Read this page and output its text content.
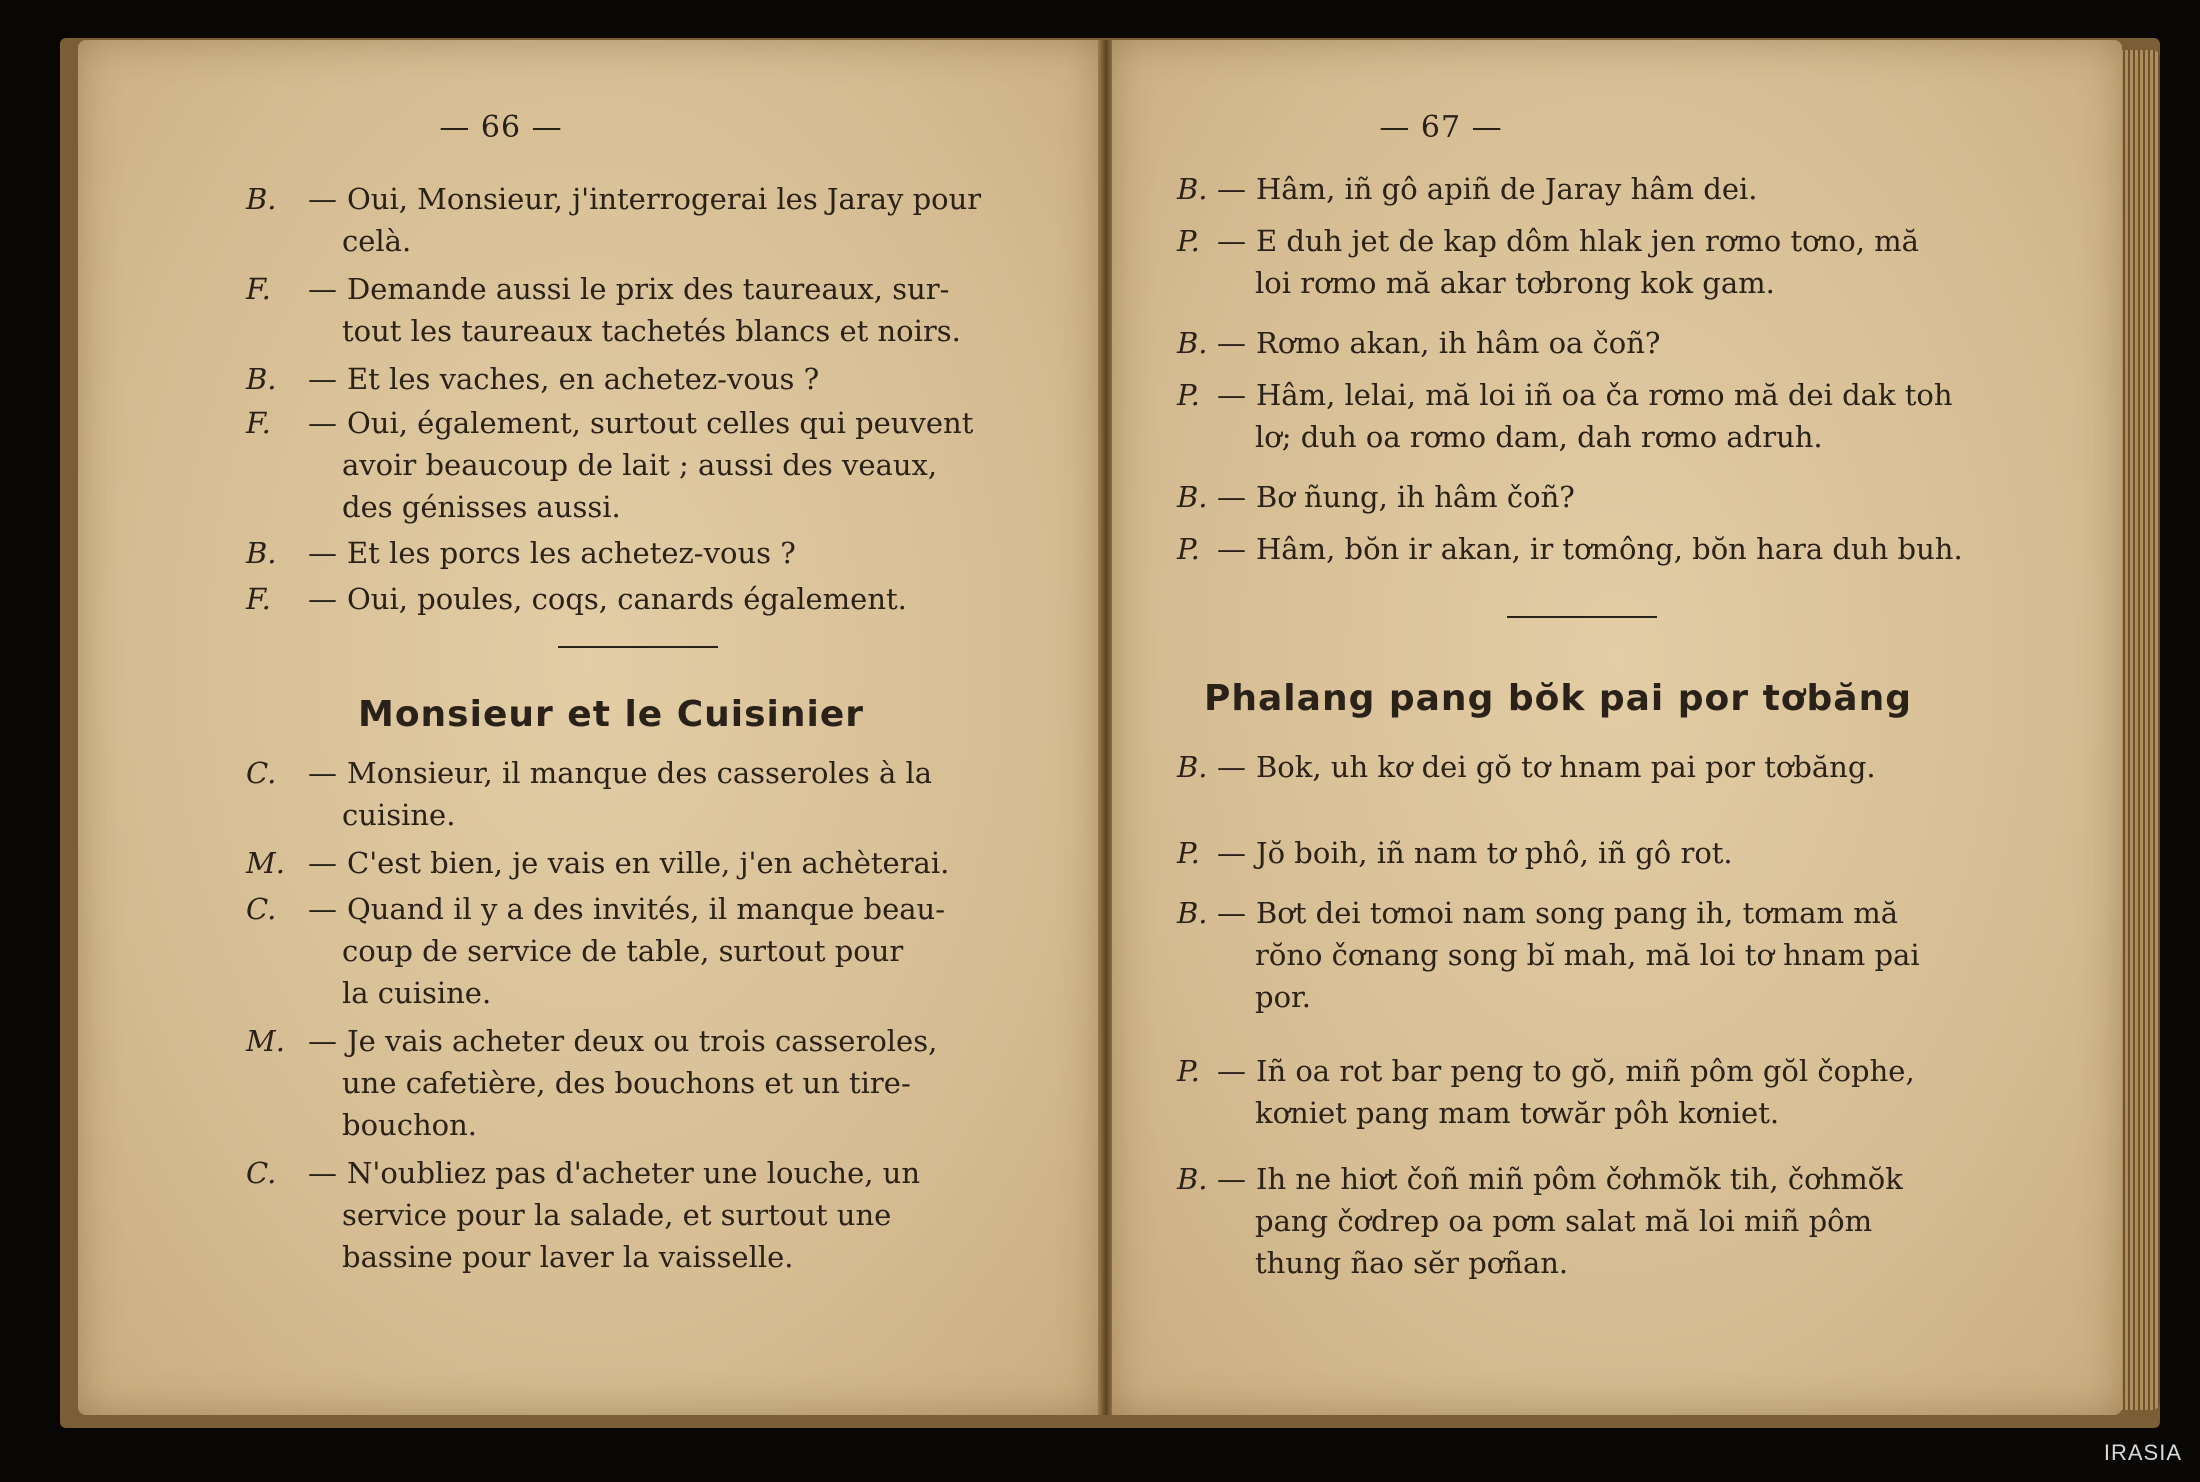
— 66 —
B. — Oui, Monsieur, j'interrogerai les Jaray pour
celà.
F. — Demande aussi le prix des taureaux, sur-
tout les taureaux tachetés blancs et noirs.
B. — Et les vaches, en achetez-vous ?
F. — Oui, également, surtout celles qui peuvent
avoir beaucoup de lait ; aussi des veaux,
des génisses aussi.
B. — Et les porcs les achetez-vous ?
F. — Oui, poules, coqs, canards également.
Monsieur et le Cuisinier
C. — Monsieur, il manque des casseroles à la
cuisine.
M. — C'est bien, je vais en ville, j'en achèterai.
C. — Quand il y a des invités, il manque beau-
coup de service de table, surtout pour
la cuisine.
M. — Je vais acheter deux ou trois casseroles,
une cafetière, des bouchons et un tire-
bouchon.
C. — N'oubliez pas d'acheter une louche, un
service pour la salade, et surtout une
bassine pour laver la vaisselle.
— 67 —
B. — Hâm, iñ gô apiñ de Jaray hâm dei.
P. — E duh jet de kap dôm hlak jen rơmo tơno, mă
loi rơmo mă akar tơbrong kok gam.
B. — Rơmo akan, ih hâm oa čoñ?
P. — Hâm, lelai, mă loi iñ oa ča rơmo mă dei dak toh
lơ; duh oa rơmo dam, dah rơmo adruh.
B. — Bơ ñung, ih hâm čoñ?
P. — Hâm, bŏn ir akan, ir tơmông, bŏn hara duh buh.
Phalang pang bŏk pai por tơbăng
B. — Bok, uh kơ dei gŏ tơ hnam pai por tơbăng.
P. — Jŏ boih, iñ nam tơ phô, iñ gô rot.
B. — Bơt dei tơmoi nam song pang ih, tơmam mă
rŏno čơnang song bĭ mah, mă loi tơ hnam pai
por.
P. — Iñ oa rot bar peng to gŏ, miñ pôm gŏl čophe,
kơniet pang mam tơwăr pôh kơniet.
B. — Ih ne hiơt čoñ miñ pôm čơhmŏk tih, čơhmŏk
pang čơdrep oa pơm salat mă loi miñ pôm
thung ñao sĕr pơñan.
IRASIA
